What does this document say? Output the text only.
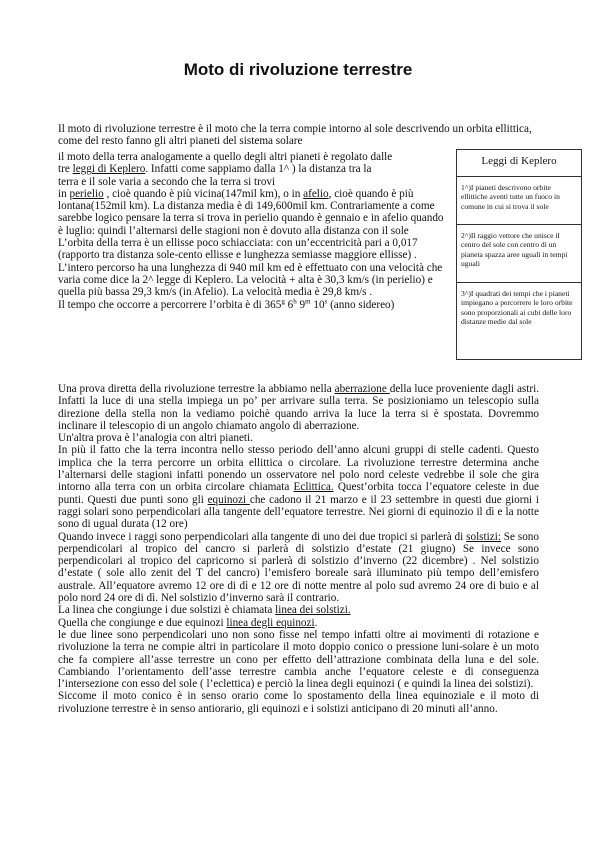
Moto di rivoluzione terrestre

Il moto di rivoluzione terrestre è il moto che la terra compie intorno al sole descrivendo un orbita ellittica, come del resto fanno gli altri pianeti del sistema solare

il moto della terra analogamente a quello degli altri pianeti è regolato dalle

tre leggi di Keplero. Infatti come sappiamo dalla 1^ ) la distanza tra la

terra e il sole varia a secondo che la terra si trovi

in perielio , cioè quando è più vicina(147mil km), o in afelio, cioè quando è più

lontana(152mil km). La distanza media è di 149,600mil km. Contrariamente a come sarebbe logico pensare la terra si trova in perielio quando è gennaio e in afelio quando è luglio: quindi l’alternarsi delle stagioni non è dovuto alla distanza con il sole

L’orbita della terra è un ellisse poco schiacciata: con un’eccentricità pari a 0,017 (rapporto tra distanza sole-cento ellisse e lunghezza semiasse maggiore ellisse) .

L’intero percorso ha una lunghezza di 940 mil km ed è effettuato con una velocità che varia come dice la 2^ legge di Keplero. La velocità + alta è 30,3 km/s (in perielio) e quella più bassa 29,3 km/s (in Afelio). La velocità media è 29,8 km/s .

Il tempo che occorre a percorrere l’orbita è di 365$^g$ 6$^h$ 9$^m$ 10$^s$ (anno sidereo)

Leggi di Keplero
1^)I pianeti descrivono orbite ellittiche aventi tutte un fuoco in comune in cui si trova il sole
2^)Il raggio vettore che unisce il centro del sole con centro di un pianeta spazza aree uguali in tempi uguali
3^)I quadrati dei tempi che i pianeti impiegano a percorrere le loro orbite sono proporzionali ai cubi delle loro distanze medie dal sole

Una prova diretta della rivoluzione terrestre la abbiamo nella aberrazione della luce proveniente dagli astri. Infatti la luce di una stella impiega un po’ per arrivare sulla terra. Se posizioniamo un telescopio sulla direzione della stella non la vediamo poichè quando arriva la luce la terra si è spostata. Dovremmo inclinare il telescopio di un angolo chiamato angolo di aberrazione.

Un'altra prova è l’analogia con altri pianeti.

In più il fatto che la terra incontra nello stesso periodo dell’anno alcuni gruppi di stelle cadenti. Questo implica che la terra percorre un orbita ellittica o circolare. La rivoluzione terrestre determina anche l’alternarsi delle stagioni infatti ponendo un osservatore nel polo nord celeste vedrebbe il sole che gira intorno alla terra con un orbita circolare chiamata Eclittica. Quest’orbita tocca l’equatore celeste in due punti. Questi due punti sono gli equinozi che cadono il 21 marzo e il 23 settembre in questi due giorni i raggi solari sono perpendicolari alla tangente dell’equatore terrestre. Nei giorni di equinozio il dì e la notte sono di ugual durata (12 ore)

Quando invece i raggi sono perpendicolari alla tangente di uno dei due tropici si parlerà di solstizi: Se sono perpendicolari al tropico del cancro si parlerà di solstizio d’estate (21 giugno) Se invece sono perpendicolari al tropico del capricorno si parlerà di solstizio d’inverno (22 dicembre) . Nel solstizio d’estate ( sole allo zenit del T del cancro) l’emisfero boreale sarà illuminato più tempo dell’emisfero australe. All’equatore avremo 12 ore di dì e 12 ore di notte mentre al polo sud avremo 24 ore di buio e al polo nord 24 ore di dì. Nel solstizio d’inverno sarà il contrario.

La linea che congiunge i due solstizi è chiamata linea dei solstizi.

Quella che congiunge e due equinozi linea degli equinozi.

le due linee sono perpendicolari uno non sono fisse nel tempo infatti oltre ai movimenti di rotazione e rivoluzione la terra ne compie altri in particolare il moto doppio conico o pressione luni-solare è un moto che fa compiere all’asse terrestre un cono per effetto dell’attrazione combinata della luna e del sole. Cambiando l’orientamento dell’asse terrestre cambia anche l’equatore celeste e di conseguenza l’intersezione con esso del sole ( l’eclettica) e perciò la linea degli equinozi ( e quindi la linea dei solstizi).

Siccome il moto conico è in senso orario come lo spostamento della linea equinoziale e il moto di rivoluzione terrestre è in senso antiorario, gli equinozi e i solstizi anticipano di 20 minuti all’anno.
